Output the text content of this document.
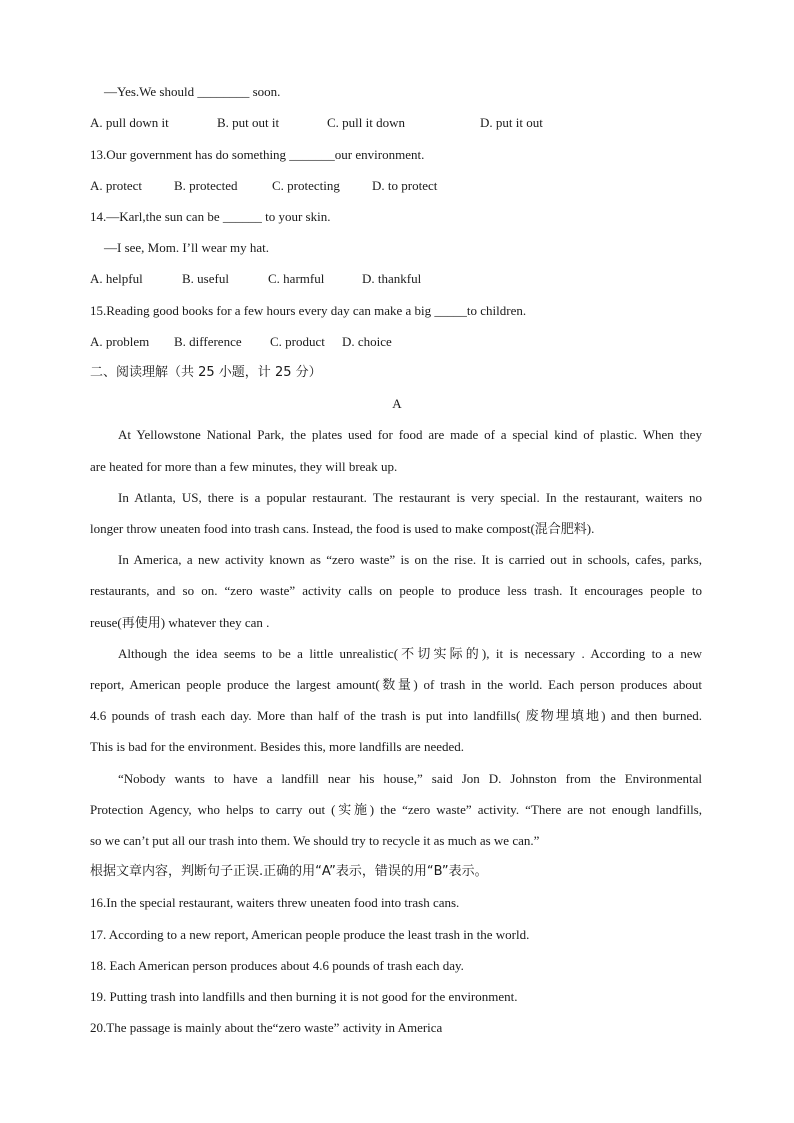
—Yes.We should ________ soon.
A. pull down it	B. put out it	C. pull it down	D. put it out
13.Our government has do something _______our environment.
A. protect B. protected	C. protecting D. to protect
14.—Karl,the sun can be ______ to your skin.
—I see, Mom. I’ll wear my hat.
A. helpful	B. useful	C. harmful	D. thankful
15.Reading good books for a few hours every day can make a big _____to children.
A. problem B. difference C. product D. choice
二、阅读理解（共 25 小题，计 25 分）
A
At Yellowstone National Park, the plates used for food are made of a special kind of plastic. When they
are heated for more than a few minutes, they will break up.
In Atlanta, US, there is a popular restaurant. The restaurant is very special. In the restaurant, waiters no
longer throw uneaten food into trash cans. Instead, the food is used to make compost(混合肥料).
In America, a new activity known as “zero waste” is on the rise. It is carried out in schools, cafes, parks,
restaurants, and so on. “zero waste” activity calls on people to produce less trash. It encourages people to
reuse(再使用) whatever they can .
Although the idea seems to be a little unrealistic(不切实际的), it is necessary . According to a new
report, American people produce the largest amount(数量) of trash in the world. Each person produces about
4.6 pounds of trash each day. More than half of the trash is put into landfills( 废物埋填地) and then burned.
This is bad for the environment. Besides this, more landfills are needed.
“Nobody wants to have a landfill near his house,” said Jon D. Johnston from the Environmental
Protection Agency, who helps to carry out (实施) the “zero waste” activity. “There are not enough landfills,
so we can’t put all our trash into them. We should try to recycle it as much as we can.”
根据文章内容，判断句子正误.正确的用“A”表示，错误的用“B”表示。
16.In the special restaurant, waiters threw uneaten food into trash cans.
17. According to a new report, American people produce the least trash in the world.
18. Each American person produces about 4.6 pounds of trash each day.
19. Putting trash into landfills and then burning it is not good for the environment.
20.The passage is mainly about the“zero waste” activity in America
